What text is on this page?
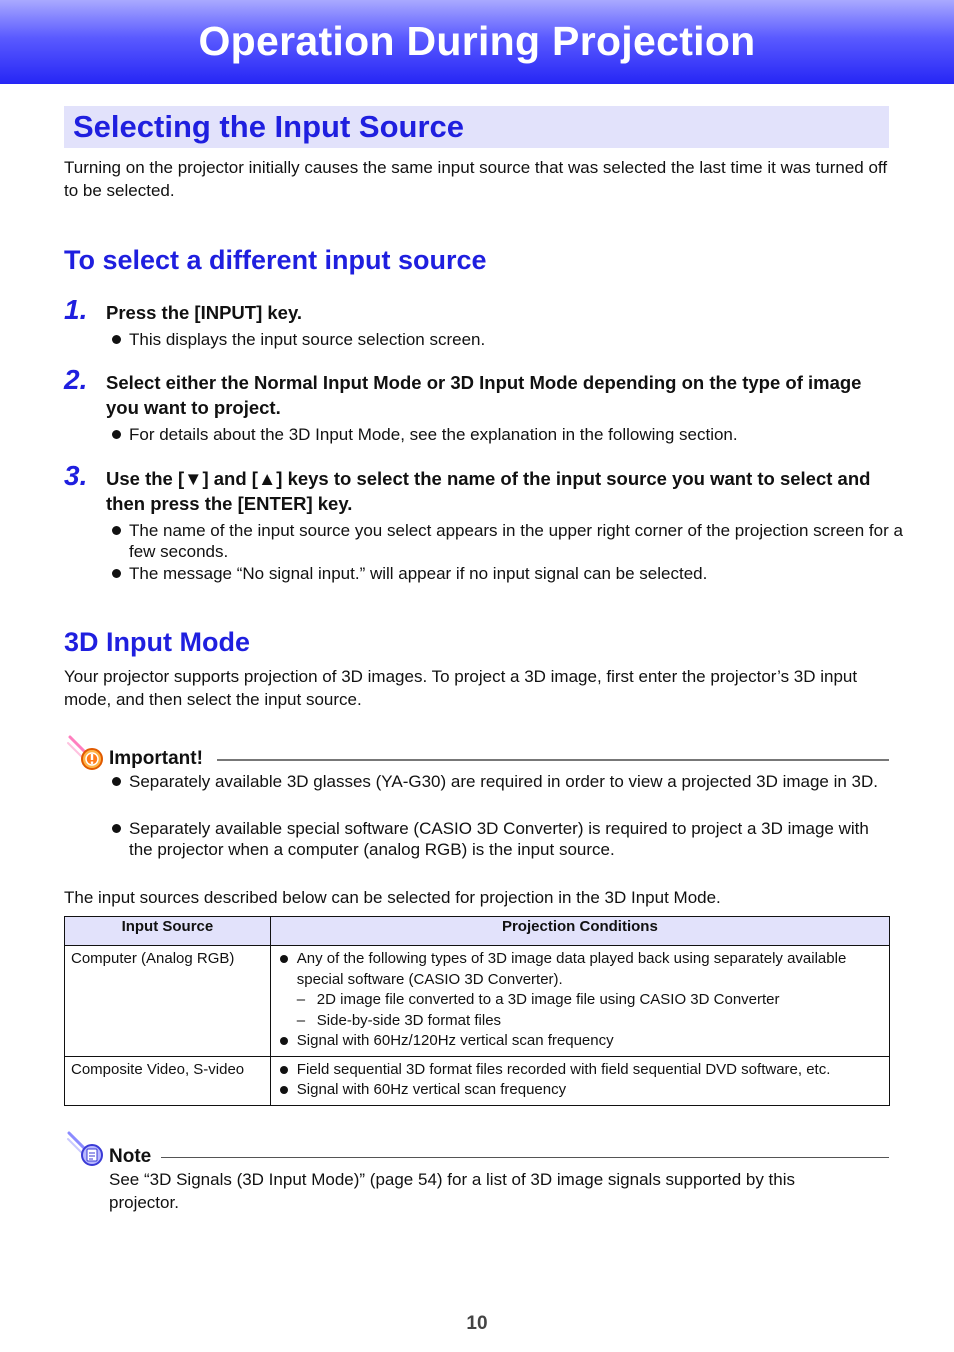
Operation During Projection
Selecting the Input Source

Turning on the projector initially causes the same input source that was selected the last time it was turned off to be selected.

To select a different input source
1. Press the [INPUT] key.

This displays the input source selection screen.

2. Select either the Normal Input Mode or 3D Input Mode depending on the type of image you want to project.

For details about the 3D Input Mode, see the explanation in the following section.

3. Use the [▼] and [▲] keys to select the name of the input source you want to select and then press the [ENTER] key.

The name of the input source you select appears in the upper right corner of the projection screen for a few seconds.

The message “No signal input.” will appear if no input signal can be selected.

3D Input Mode

Your projector supports projection of 3D images. To project a 3D image, first enter the projector’s 3D input mode, and then select the input source.

Important!

Separately available 3D glasses (YA-G30) are required in order to view a projected 3D image in 3D.

Separately available special software (CASIO 3D Converter) is required to project a 3D image with the projector when a computer (analog RGB) is the input source.

The input sources described below can be selected for projection in the 3D Input Mode.

Input Source	Projection Conditions
Computer (Analog RGB)	Any of the following types of 3D image data played back using separately available special software (CASIO 3D Converter).
– 2D image file converted to a 3D image file using CASIO 3D Converter
– Side-by-side 3D format files
Signal with 60Hz/120Hz vertical scan frequency

Composite Video, S-video	Field sequential 3D format files recorded with field sequential DVD software, etc.
Signal with 60Hz vertical scan frequency
Note

See “3D Signals (3D Input Mode)” (page 54) for a list of 3D image signals supported by this projector.

10
